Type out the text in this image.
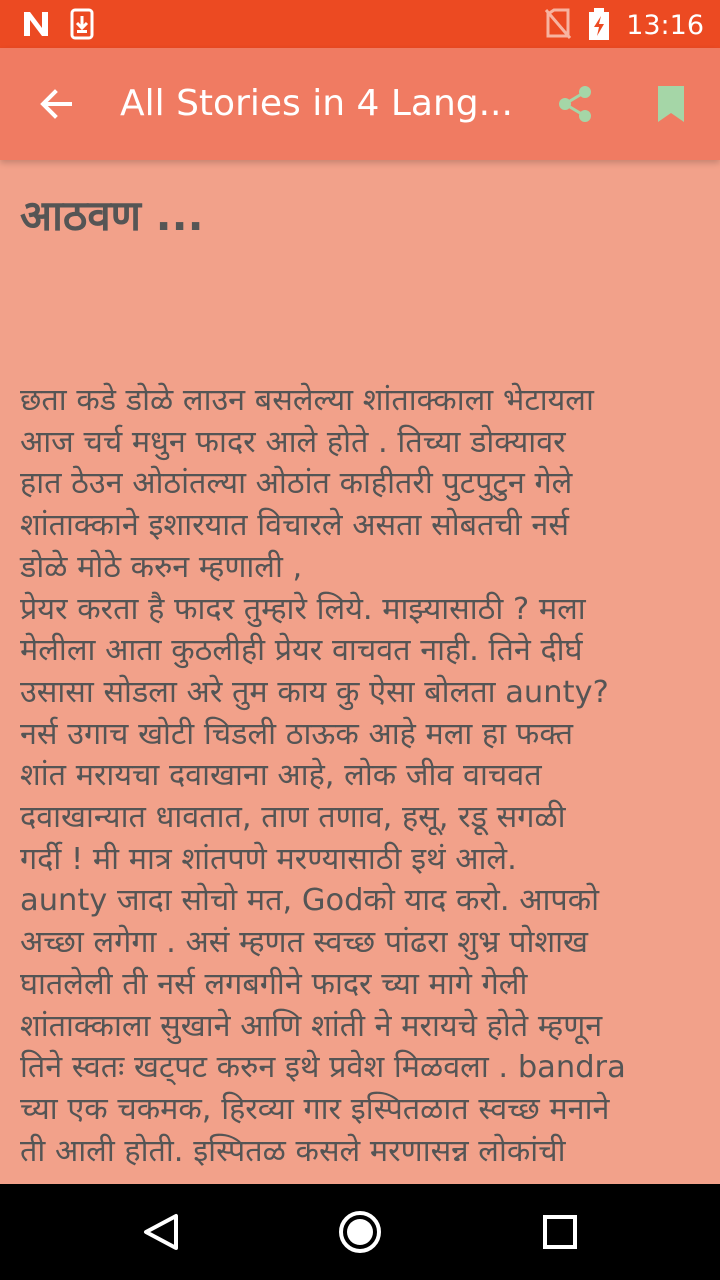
13:16
All Stories in 4 Lang...
आठवण ...
छता कडे डोळे लाउन बसलेल्या शांताक्काला भेटायला
आज चर्च मधुन फादर आले होते . तिच्या डोक्यावर
हात ठेउन ओठांतल्या ओठांत काहीतरी पुटपुटुन गेले
शांताक्काने इशारयात विचारले असता सोबतची नर्स
डोळे मोठे करुन म्हणाली ,
प्रेयर करता है फादर तुम्हारे लिये. माझ्यासाठी ? मला
मेलीला आता कुठलीही प्रेयर वाचवत नाही. तिने दीर्घ
उसासा सोडला अरे तुम काय कु ऐसा बोलता aunty?
नर्स उगाच खोटी चिडली ठाऊक आहे मला हा फक्त
शांत मरायचा दवाखाना आहे, लोक जीव वाचवत
दवाखान्यात धावतात, ताण तणाव, हसू, रडू सगळी
गर्दी ! मी मात्र शांतपणे मरण्यासाठी इथं आले.
aunty जादा सोचो मत, Godको याद करो. आपको
अच्छा लगेगा . असं म्हणत स्वच्छ पांढरा शुभ्र पोशाख
घातलेली ती नर्स लगबगीने फादर च्या मागे गेली
शांताक्काला सुखाने आणि शांती ने मरायचे होते म्हणून
तिने स्वतः खट्पट करुन इथे प्रवेश मिळवला . bandra
च्या एक चकमक, हिरव्या गार इस्पितळात स्वच्छ मनाने
ती आली होती. इस्पितळ कसले मरणासन्न लोकांची
